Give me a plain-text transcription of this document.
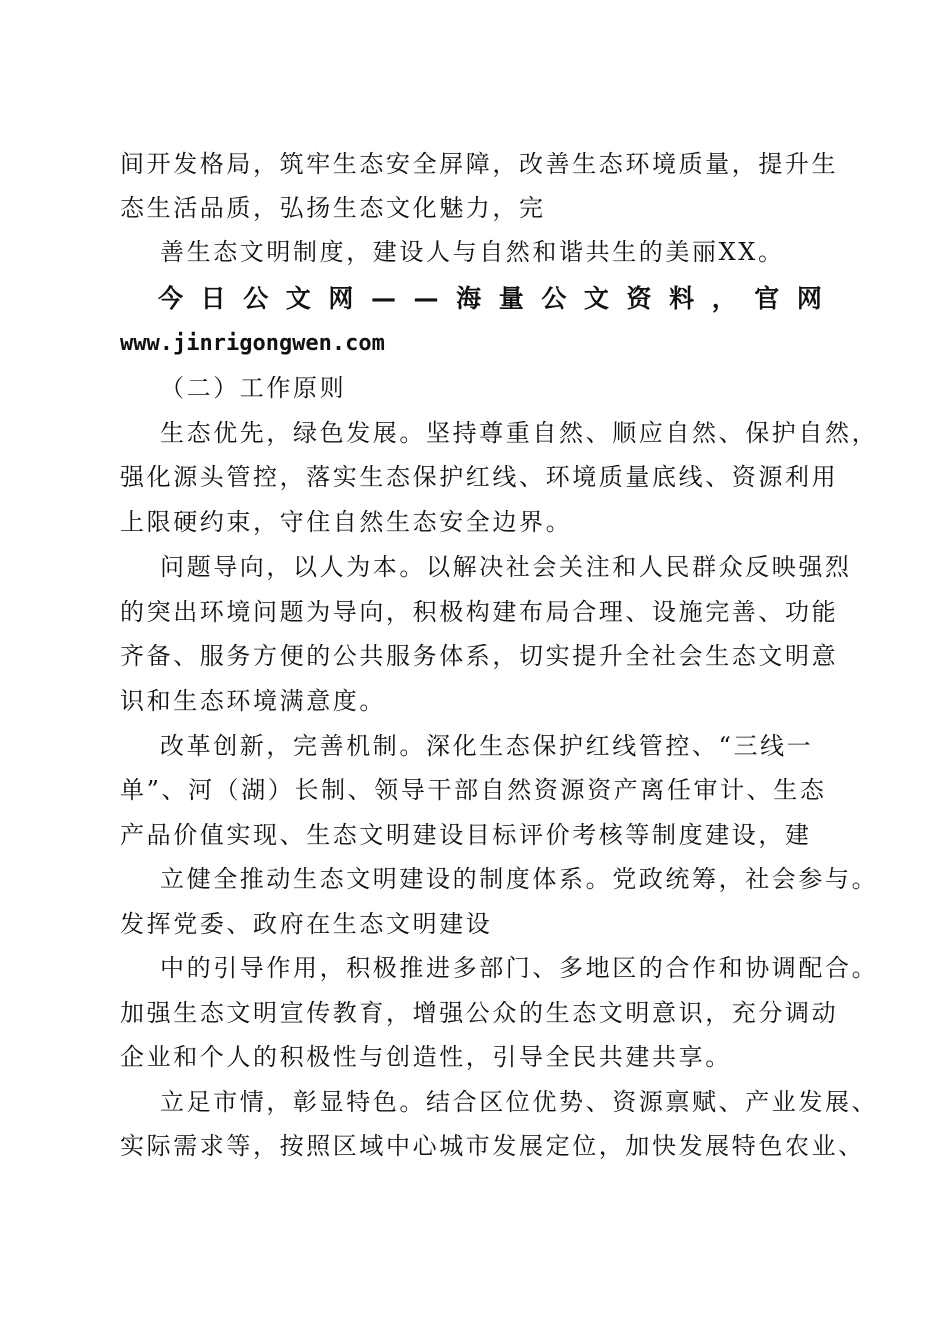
间开发格局，筑牢生态安全屏障，改善生态环境质量，提升生
态生活品质，弘扬生态文化魅力，完
善生态文明制度，建设人与自然和谐共生的美丽XX。
今 日 公 文 网 — — 海 量 公 文 资 料 ， 官 网
www.jinrigongwen.com
（二）工作原则
生态优先，绿色发展。坚持尊重自然、顺应自然、保护自然，
强化源头管控，落实生态保护红线、环境质量底线、资源利用
上限硬约束，守住自然生态安全边界。
问题导向，以人为本。以解决社会关注和人民群众反映强烈
的突出环境问题为导向，积极构建布局合理、设施完善、功能
齐备、服务方便的公共服务体系，切实提升全社会生态文明意
识和生态环境满意度。
改革创新，完善机制。深化生态保护红线管控、“三线一
单”、河（湖）长制、领导干部自然资源资产离任审计、生态
产品价值实现、生态文明建设目标评价考核等制度建设，建
立健全推动生态文明建设的制度体系。党政统筹，社会参与。
发挥党委、政府在生态文明建设
中的引导作用，积极推进多部门、多地区的合作和协调配合。
加强生态文明宣传教育，增强公众的生态文明意识，充分调动
企业和个人的积极性与创造性，引导全民共建共享。
立足市情，彰显特色。结合区位优势、资源禀赋、产业发展、
实际需求等，按照区域中心城市发展定位，加快发展特色农业、
